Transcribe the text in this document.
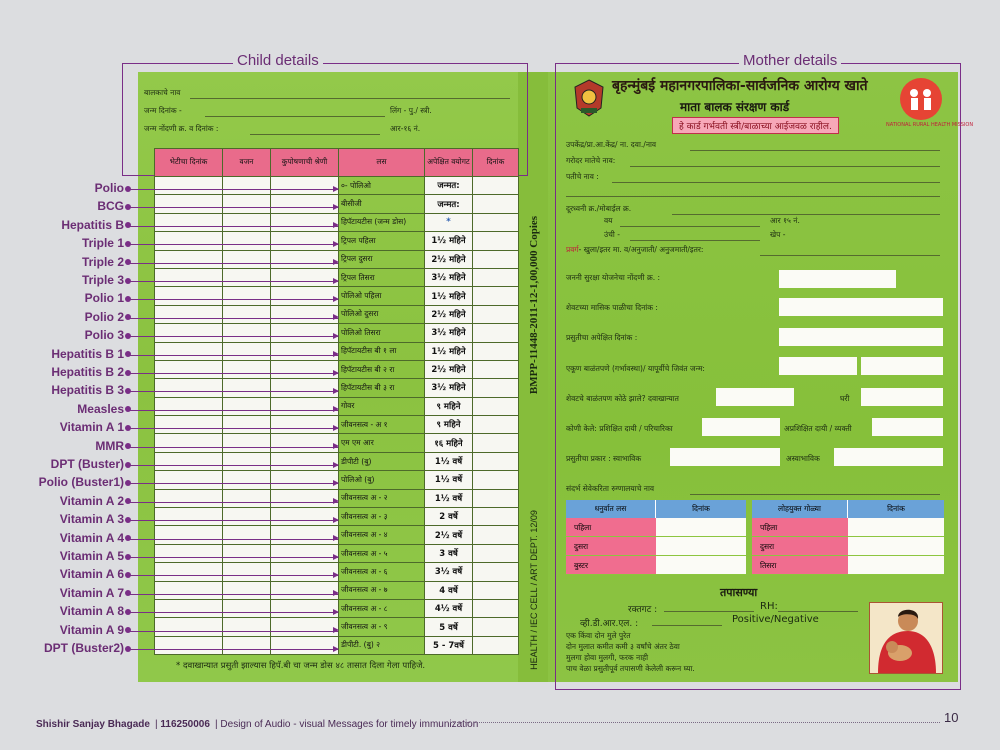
Child details	Mother details
बालकाचे नाव
जन्म दिनांक -	लिंग - पु./ स्त्री.
जन्म नोंदणी क्र. व दिनांक :	आर-१६ नं.
भेटीचा दिनांक	वजन	कुपोषणाची श्रेणी	लस	अपेक्षित वयोगट	दिनांक
			०- पोलिओ	जन्मत:	
			बीसीजी	जन्मत:	
			हिपॅटायटीस (जन्म डोस)	*	
			ट्रिपल पहिला	1½ महिने	
			ट्रिपल दुसरा	2½ महिने	
			ट्रिपल तिसरा	3½ महिने	
			पोलिओ पहिला	1½ महिने	
			पोलिओ दुसरा	2½ महिने	
			पोलिओ तिसरा	3½ महिने	
			हिपॅटायटीस बी १ ला	1½ महिने	
			हिपॅटायटीस बी २ रा	2½ महिने	
			हिपॅटायटीस बी ३ रा	3½ महिने	
			गोवर	९ महिने	
			जीवनसत्व - अ १	९ महिने	
			एम एम आर	१६ महिने	
			डीपीटी (बु)	1½ वर्षे	
			पोलिओ (बु)	1½ वर्षे	
			जीवनसत्व अ - २	1½ वर्षे	
			जीवनसत्व अ - ३	2 वर्षे	
			जीवनसत्व अ - ४	2½ वर्षे	
			जीवनसत्व अ - ५	3 वर्षे	
			जीवनसत्व अ - ६	3½ वर्षे	
			जीवनसत्व अ - ७	4 वर्षे	
			जीवनसत्व अ - ८	4½ वर्षे	
			जीवनसत्व अ - ९	5 वर्षे	
			डीपीटी. (बु) २	5 - 7वर्षे	
* दवाखान्यात प्रसुती झाल्यास हिपॅ.बी चा जन्म डोस ४८ तासात दिला गेला पाहिजे.
Polio
BCG
Hepatitis B
Triple 1
Triple 2
Triple 3
Polio 1
Polio 2
Polio 3
Hepatitis B 1
Hepatitis B 2
Hepatitis B 3
Measles
Vitamin A 1
MMR
DPT (Buster)
Polio (Buster1)
Vitamin A 2
Vitamin A 3
Vitamin A 4
Vitamin A 5
Vitamin A 6
Vitamin A 7
Vitamin A 8
Vitamin A 9
DPT (Buster2)
BMPP-11448-2011-12-1,00,000 Copies
HEALTH / IEC CELL / ART DEPT. 12/09
बृहन्मुंबई महानगरपालिका-सार्वजनिक आरोग्य खाते
माता बालक संरक्षण कार्ड
हे कार्ड गर्भवती स्त्री/बाळाच्या आईजवळ राहील.	NATIONAL RURAL HEALTH MISSION
उपकेंद्र/प्रा.आ.केंद्र/ ना. दवा./नाव
गरोदर मातेचे नाव:
पतीचे नाव :
दूरध्वनी क्र./मोबाईल क्र.
वय	आर १५ नं.
उंची -	खेप -
प्रवर्ग- खुला/इतर मा. व/अनुजाती/ अनुजमाती/इतर:
जननी सुरक्षा योजनेचा नोंदणी क्र. :
शेवटच्या मासिक पाळीचा दिनांक :
प्रसुतीचा अपेक्षित दिनांक :
एकूण बाळंतपणे (गर्भावस्था)/ यापूर्वीचे जिवंत जन्म:
शेवटचे बाळंतपण कोठे झाले? दवाखान्यात	घरी
कोणी केले: प्रशिक्षित दायी / परिचारिका	अप्रशिक्षित दायी / व्यक्ती
प्रसुतीचा प्रकार : स्वाभाविक	अस्वाभाविक
संदर्भ सेवेकरिता रुग्णालयाचे नाव
धनुर्वात लस	दिनांक
पहिला
दुसरा
बुस्टर
लोहयुक्त गोळ्या	दिनांक
पहिला
दुसरा
तिसरा
तपासण्या
रक्तगट :	RH:
व्ही.डी.आर.एल. :	Positive/Negative
एक किंवा दोन मुले पुरेत
दोन मुलात कमीत कमी ३ वर्षांचे अंतर ठेवा
मुलगा होवा मुलगी, फरक नाही
पाच वेळा प्रसुतीपूर्व तपासणी केलेली करून घ्या.
Shishir Sanjay Bhagade | 116250006 | Design of Audio - visual Messages for timely immunization	10
